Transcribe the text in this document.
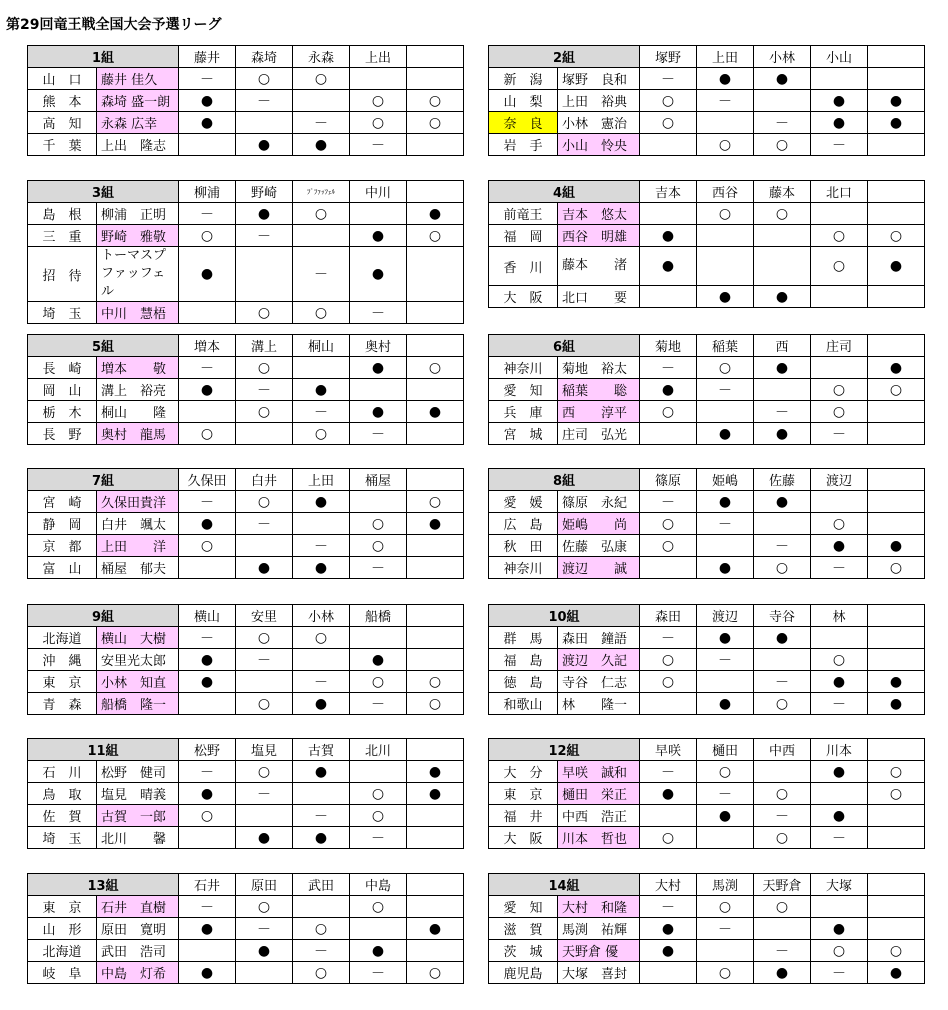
第29回竜王戦全国大会予選リーグ
1組		藤井	森埼	永森	上出	
山　口	藤井 佳久	－	○	○		
熊　本	森埼 盛一朗	●	－		○	○
高　知	永森 広幸	●		－	○	○
千　葉	上出　隆志		●	●	－	
2組		塚野	上田	小林	小山	
新　潟	塚野　良和	－	●	●		
山　梨	上田　裕典	○	－		●	●
奈　良	小林　憲治	○		－	●	●
岩　手	小山　怜央		○	○	－	
3組		柳浦	野崎	ﾌﾟﾌｧｯﾌｪﾙ	中川	
島　根	柳浦　正明	－	●	○		●
三　重	野崎　雅敬	○	－		●	○
招　待	トーマスプ ファッフェル	●		－	●	
埼　玉	中川　慧梧		○	○	－	
4組		吉本	西谷	藤本	北口	
前竜王	吉本　悠太		○	○		
福　岡	西谷　明雄	●			○	○
香　川	藤本　　渚	●			○	●
大　阪	北口　　要		●	●		
5組		増本	溝上	桐山	奥村	
長　崎	増本　　敬	－	○		●	○
岡　山	溝上　裕亮	●	－	●		
栃　木	桐山　　隆		○	－	●	●
長　野	奥村　龍馬	○		○	－	
6組		菊地	稲葉	西	庄司	
神奈川	菊地　裕太	－	○	●		●
愛　知	稲葉　　聡	●	－		○	○
兵　庫	西　　淳平	○		－	○	
宮　城	庄司　弘光		●	●	－	
7組		久保田	白井	上田	桶屋	
宮　崎	久保田貴洋	－	○	●		○
静　岡	白井　颯太	●	－		○	●
京　都	上田　　洋	○		－	○	
富　山	桶屋　郁夫		●	●	－	
8組		篠原	姫嶋	佐藤	渡辺	
愛　媛	篠原　永紀	－	●	●		
広　島	姫嶋　　尚	○	－		○	
秋　田	佐藤　弘康	○		－	●	●
神奈川	渡辺　　誠		●	○	－	○
9組		横山	安里	小林	船橋	
北海道	横山　大樹	－	○	○		
沖　縄	安里光太郎	●	－		●	
東　京	小林　知直	●		－	○	○
青　森	船橋　隆一		○	●	－	○
10組		森田	渡辺	寺谷	林	
群　馬	森田　鐘語	－	●	●		
福　島	渡辺　久記	○	－		○	
徳　島	寺谷　仁志	○		－	●	●
和歌山	林　　隆一		●	○	－	●
11組		松野	塩見	古賀	北川	
石　川	松野　健司	－	○	●		●
鳥　取	塩見　晴義	●	－		○	●
佐　賀	古賀　一郎	○		－	○	
埼　玉	北川　　馨		●	●	－	
12組		早咲	樋田	中西	川本	
大　分	早咲　誠和	－	○		●	○
東　京	樋田　栄正	●	－	○		○
福　井	中西　浩正		●	－	●	
大　阪	川本　哲也	○		○	－	
13組		石井	原田	武田	中島	
東　京	石井　直樹	－	○		○	
山　形	原田　寛明	●	－	○		●
北海道	武田　浩司		●	－	●	
岐　阜	中島　灯希	●		○	－	○
14組		大村	馬渕	天野倉	大塚	
愛　知	大村　和隆	－	○	○		
滋　賀	馬渕　祐輝	●	－		●	
茨　城	天野倉 優	●		－	○	○
鹿児島	大塚　喜封		○	●	－	●
